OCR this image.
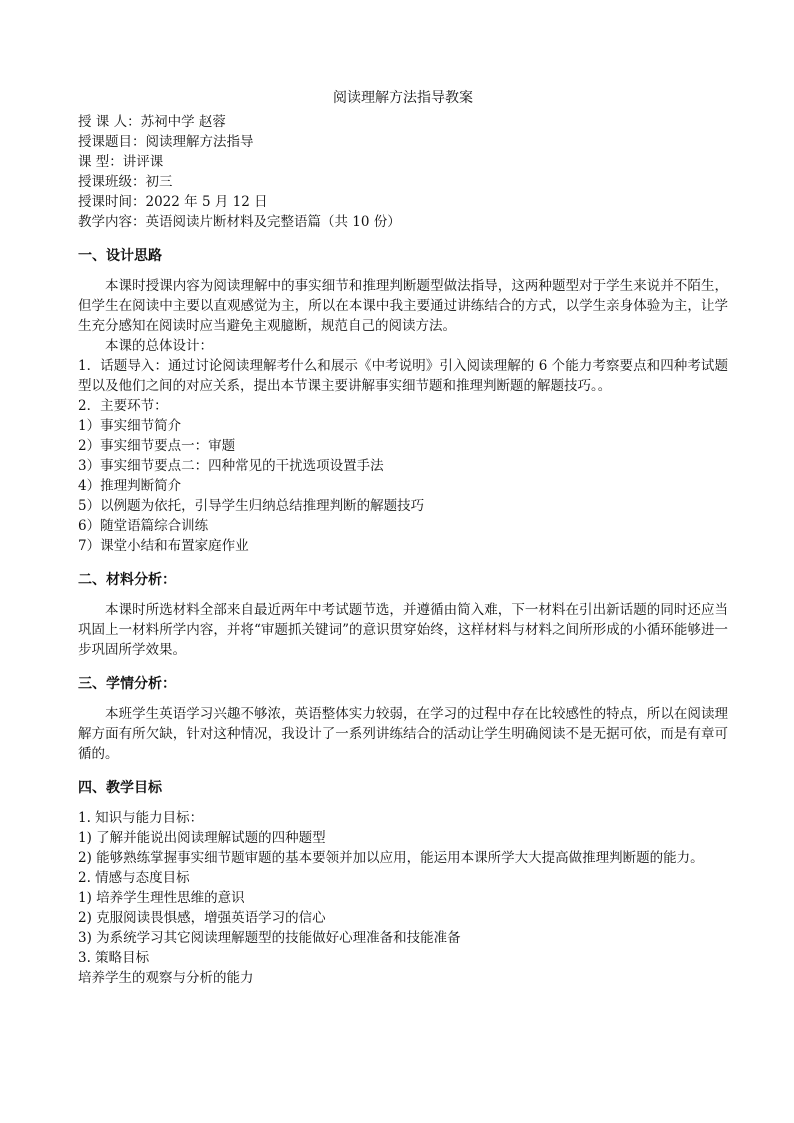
阅读理解方法指导教案
授 课 人：苏祠中学 赵蓉
授课题目：阅读理解方法指导
课 型：讲评课
授课班级：初三
授课时间：2022 年 5 月 12 日
教学内容：英语阅读片断材料及完整语篇（共 10 份）
一、设计思路

本课时授课内容为阅读理解中的事实细节和推理判断题型做法指导，这两种题型对于学生来说并不陌生，但学生在阅读中主要以直观感觉为主，所以在本课中我主要通过讲练结合的方式，以学生亲身体验为主，让学生充分感知在阅读时应当避免主观臆断，规范自己的阅读方法。

本课的总体设计：

1．话题导入：通过讨论阅读理解考什么和展示《中考说明》引入阅读理解的 6 个能力考察要点和四种考试题型以及他们之间的对应关系，提出本节课主要讲解事实细节题和推理判断题的解题技巧。。

2．主要环节：

1）事实细节简介

2）事实细节要点一：审题

3）事实细节要点二：四种常见的干扰选项设置手法

4）推理判断简介

5）以例题为依托，引导学生归纳总结推理判断的解题技巧

6）随堂语篇综合训练

7）课堂小结和布置家庭作业

二、材料分析：

本课时所选材料全部来自最近两年中考试题节选，并遵循由简入难，下一材料在引出新话题的同时还应当巩固上一材料所学内容，并将“审题抓关键词”的意识贯穿始终，这样材料与材料之间所形成的小循环能够进一步巩固所学效果。

三、学情分析：

本班学生英语学习兴趣不够浓，英语整体实力较弱，在学习的过程中存在比较感性的特点，所以在阅读理解方面有所欠缺，针对这种情况，我设计了一系列讲练结合的活动让学生明确阅读不是无据可依，而是有章可循的。

四、教学目标

1. 知识与能力目标：

1) 了解并能说出阅读理解试题的四种题型

2) 能够熟练掌握事实细节题审题的基本要领并加以应用，能运用本课所学大大提高做推理判断题的能力。

2. 情感与态度目标

1) 培养学生理性思维的意识

2) 克服阅读畏惧感，增强英语学习的信心

3) 为系统学习其它阅读理解题型的技能做好心理准备和技能准备

3. 策略目标

培养学生的观察与分析的能力
